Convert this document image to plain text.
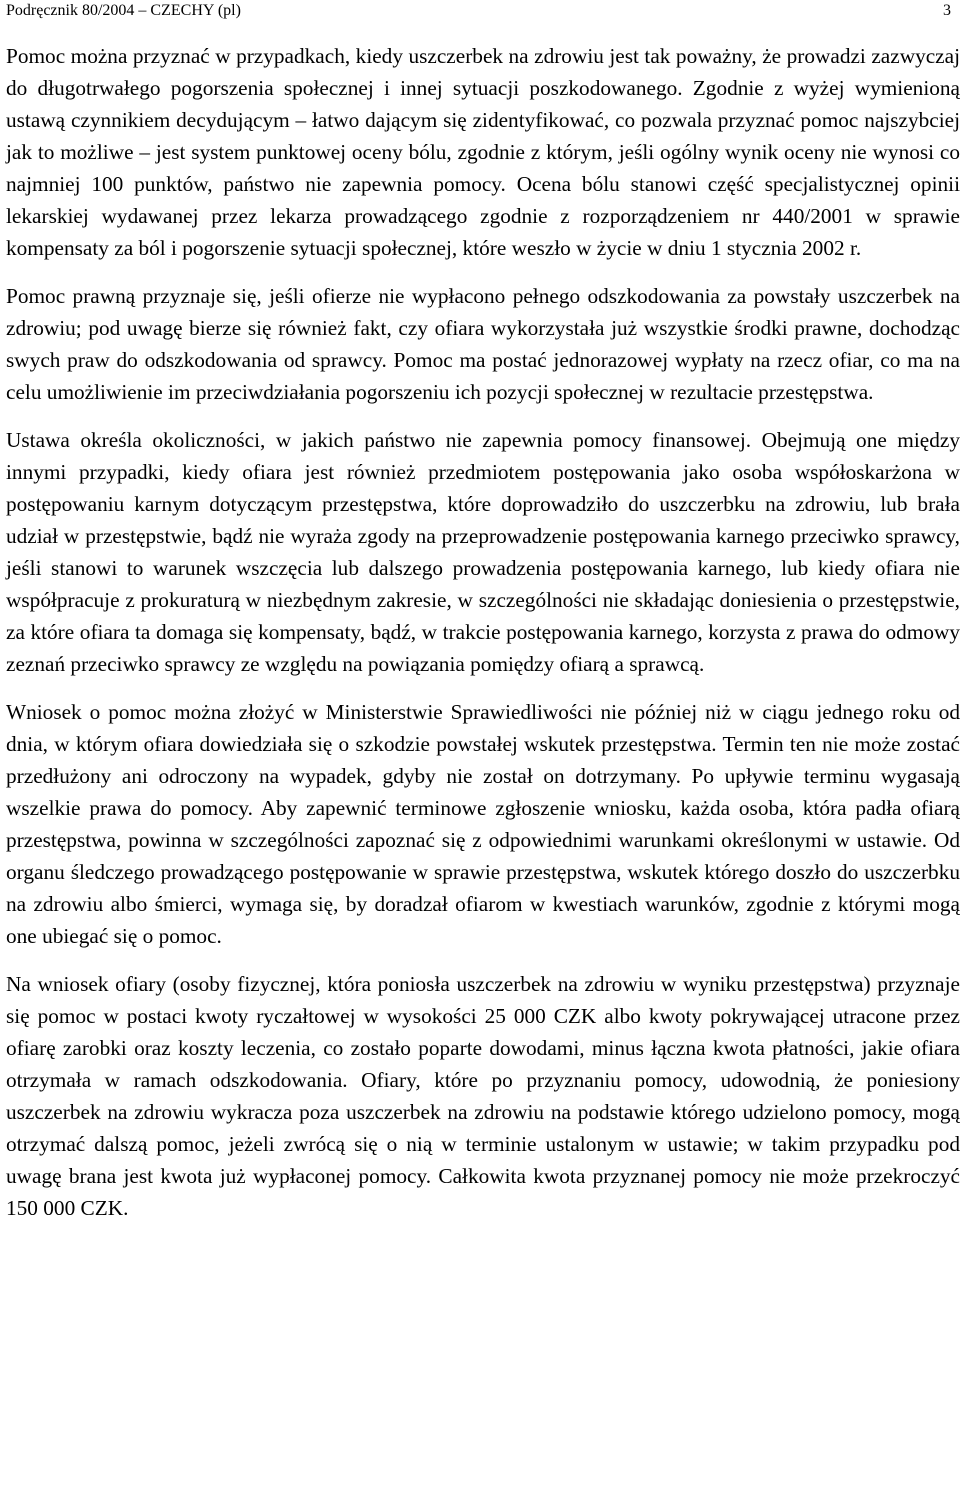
Podręcznik 80/2004 – CZECHY (pl)	3

Pomoc można przyznać w przypadkach, kiedy uszczerbek na zdrowiu jest tak poważny, że prowadzi zazwyczaj do długotrwałego pogorszenia społecznej i innej sytuacji poszkodowanego. Zgodnie z wyżej wymienioną ustawą czynnikiem decydującym – łatwo dającym się zidentyfikować, co pozwala przyznać pomoc najszybciej jak to możliwe – jest system punktowej oceny bólu, zgodnie z którym, jeśli ogólny wynik oceny nie wynosi co najmniej 100 punktów, państwo nie zapewnia pomocy. Ocena bólu stanowi część specjalistycznej opinii lekarskiej wydawanej przez lekarza prowadzącego zgodnie z rozporządzeniem nr 440/2001 w sprawie kompensaty za ból i pogorszenie sytuacji społecznej, które weszło w życie w dniu 1 stycznia 2002 r.

Pomoc prawną przyznaje się, jeśli ofierze nie wypłacono pełnego odszkodowania za powstały uszczerbek na zdrowiu; pod uwagę bierze się również fakt, czy ofiara wykorzystała już wszystkie środki prawne, dochodząc swych praw do odszkodowania od sprawcy. Pomoc ma postać jednorazowej wypłaty na rzecz ofiar, co ma na celu umożliwienie im przeciwdziałania pogorszeniu ich pozycji społecznej w rezultacie przestępstwa.

Ustawa określa okoliczności, w jakich państwo nie zapewnia pomocy finansowej. Obejmują one między innymi przypadki, kiedy ofiara jest również przedmiotem postępowania jako osoba współoskarżona w postępowaniu karnym dotyczącym przestępstwa, które doprowadziło do uszczerbku na zdrowiu, lub brała udział w przestępstwie, bądź nie wyraża zgody na przeprowadzenie postępowania karnego przeciwko sprawcy, jeśli stanowi to warunek wszczęcia lub dalszego prowadzenia postępowania karnego, lub kiedy ofiara nie współpracuje z prokuraturą w niezbędnym zakresie, w szczególności nie składając doniesienia o przestępstwie, za które ofiara ta domaga się kompensaty, bądź, w trakcie postępowania karnego, korzysta z prawa do odmowy zeznań przeciwko sprawcy ze względu na powiązania pomiędzy ofiarą a sprawcą.

Wniosek o pomoc można złożyć w Ministerstwie Sprawiedliwości nie później niż w ciągu jednego roku od dnia, w którym ofiara dowiedziała się o szkodzie powstałej wskutek przestępstwa. Termin ten nie może zostać przedłużony ani odroczony na wypadek, gdyby nie został on dotrzymany. Po upływie terminu wygasają wszelkie prawa do pomocy. Aby zapewnić terminowe zgłoszenie wniosku, każda osoba, która padła ofiarą przestępstwa, powinna w szczególności zapoznać się z odpowiednimi warunkami określonymi w ustawie. Od organu śledczego prowadzącego postępowanie w sprawie przestępstwa, wskutek którego doszło do uszczerbku na zdrowiu albo śmierci, wymaga się, by doradzał ofiarom w kwestiach warunków, zgodnie z którymi mogą one ubiegać się o pomoc.

Na wniosek ofiary (osoby fizycznej, która poniosła uszczerbek na zdrowiu w wyniku przestępstwa) przyznaje się pomoc w postaci kwoty ryczałtowej w wysokości 25 000 CZK albo kwoty pokrywającej utracone przez ofiarę zarobki oraz koszty leczenia, co zostało poparte dowodami, minus łączna kwota płatności, jakie ofiara otrzymała w ramach odszkodowania. Ofiary, które po przyznaniu pomocy, udowodnią, że poniesiony uszczerbek na zdrowiu wykracza poza uszczerbek na zdrowiu na podstawie którego udzielono pomocy, mogą otrzymać dalszą pomoc, jeżeli zwrócą się o nią w terminie ustalonym w ustawie; w takim przypadku pod uwagę brana jest kwota już wypłaconej pomocy. Całkowita kwota przyznanej pomocy nie może przekroczyć 150 000 CZK.
